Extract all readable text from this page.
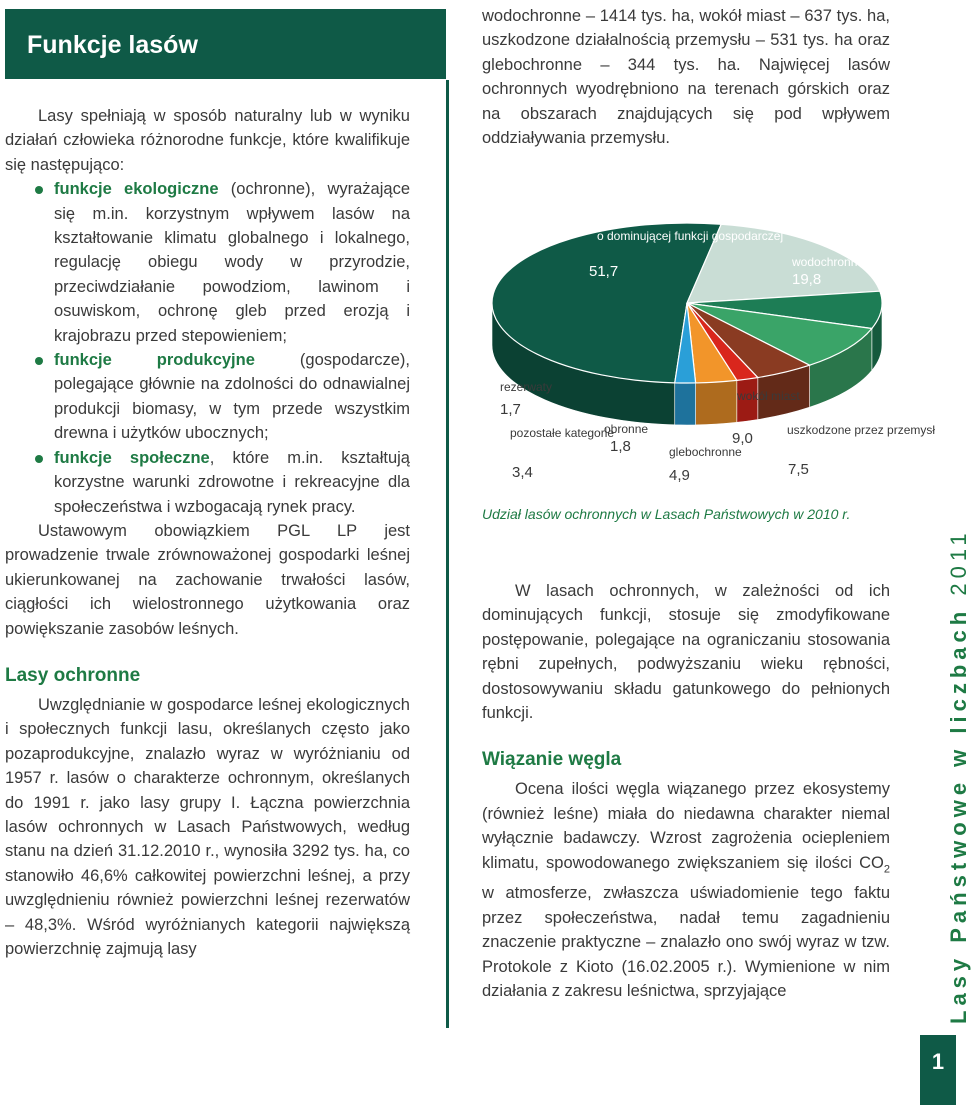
Funkcje lasów

Lasy spełniają w sposób naturalny lub w wyniku działań człowieka różnorodne funkcje, które kwalifikuje się następująco:

funkcje ekologiczne (ochronne), wyrażające się m.in. korzystnym wpływem lasów na kształtowanie klimatu globalnego i lokalnego, regulację obiegu wody w przyrodzie, przeciwdziałanie powodziom, lawinom i osuwiskom, ochronę gleb przed erozją i krajobrazu przed stepowieniem;
funkcje produkcyjne (gospodarcze), polegające głównie na zdolności do odnawialnej produkcji biomasy, w tym przede wszystkim drewna i użytków ubocznych;
funkcje społeczne, które m.in. kształtują korzystne warunki zdrowotne i rekreacyjne dla społeczeństwa i wzbogacają rynek pracy.

Ustawowym obowiązkiem PGL LP jest prowadzenie trwale zrównoważonej gospodarki leśnej ukierunkowanej na zachowanie trwałości lasów, ciągłości ich wielostronnego użytkowania oraz powiększanie zasobów leśnych.

Lasy ochronne

Uwzględnianie w gospodarce leśnej ekologicznych i społecznych funkcji lasu, określanych często jako pozaprodukcyjne, znalazło wyraz w wyróżnianiu od 1957 r. lasów o charakterze ochronnym, określanych do 1991 r. jako lasy grupy I. Łączna powierzchnia lasów ochronnych w Lasach Państwowych, według stanu na dzień 31.12.2010 r., wynosiła 3292 tys. ha, co stanowiło 46,6% całkowitej powierzchni leśnej, a przy uwzględnieniu również powierzchni leśnej rezerwatów – 48,3%. Wśród wyróżnianych kategorii największą powierzchnię zajmują lasy

wodochronne – 1414 tys. ha, wokół miast – 637 tys. ha, uszkodzone działalnością przemysłu – 531 tys. ha oraz glebochronne – 344 tys. ha. Najwięcej lasów ochronnych wyodrębniono na terenach górskich oraz na obszarach znajdujących się pod wpływem oddziaływania przemysłu.

o dominującej funkcji gospodarczej
wodochronne
uszkodzone przez przemysł
wokół miast
glebochronne
obronne
pozostałe kategorie
rezerwaty
51,7	19,8
7,5
9,0
4,9
1,8
3,4
1,7
Udział lasów ochronnych w Lasach Państwowych w 2010 r.

W lasach ochronnych, w zależności od ich dominujących funkcji, stosuje się zmodyfikowane postępowanie, polegające na ograniczaniu stosowania rębni zupełnych, podwyższaniu wieku rębności, dostosowywaniu składu gatunkowego do pełnionych funkcji.

Wiązanie węgla

Ocena ilości węgla wiązanego przez ekosystemy (również leśne) miała do niedawna charakter niemal wyłącznie badawczy. Wzrost zagrożenia ociepleniem klimatu, spowodowanego zwiększaniem się ilości $CO_2$ w atmosferze, zwłaszcza uświadomienie tego faktu przez społeczeństwa, nadał temu zagadnieniu znaczenie praktyczne – znalazło ono swój wyraz w tzw. Protokole z Kioto (16.02.2005 r.). Wymienione w nim działania z zakresu leśnictwa, sprzyjające	Lasy Państwowe w liczbach 2011
1
